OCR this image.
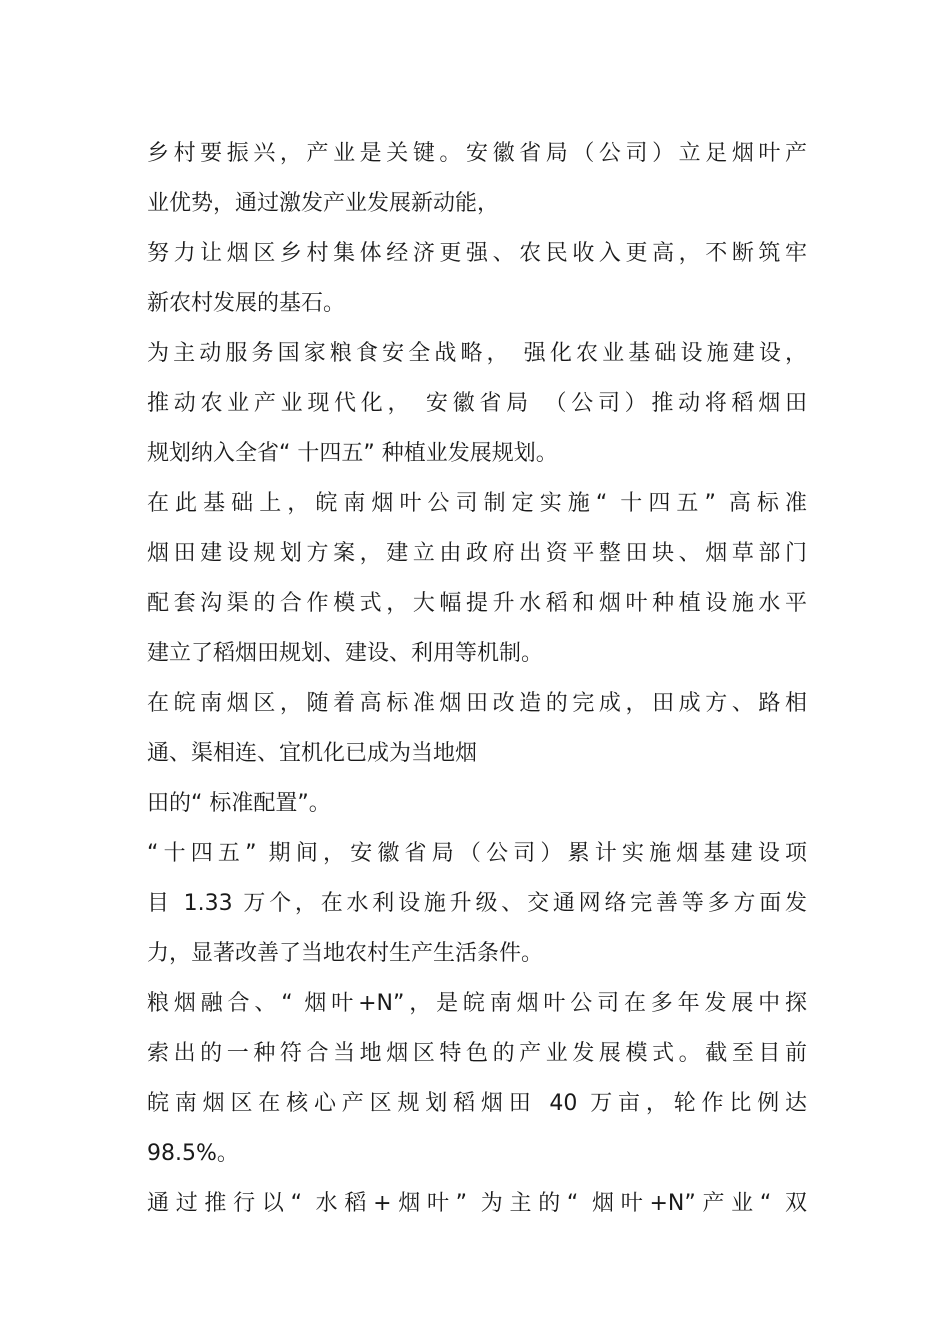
乡村要振兴，产业是关键。安徽省局（公司）立足烟叶产
业优势，通过激发产业发展新动能，
努力让烟区乡村集体经济更强、农民收入更高，不断筑牢
新农村发展的基石。
为主动服务国家粮食安全战略， 强化农业基础设施建设，
推动农业产业现代化， 安徽省局 （公司）推动将稻烟田
规划纳入全省“ 十四五” 种植业发展规划。
在此基础上，皖南烟叶公司制定实施“ 十四五” 高标准
烟田建设规划方案，建立由政府出资平整田块、烟草部门
配套沟渠的合作模式，大幅提升水稻和烟叶种植设施水平
建立了稻烟田规划、建设、利用等机制。
在皖南烟区，随着高标准烟田改造的完成，田成方、路相
通、渠相连、宜机化已成为当地烟
田的“ 标准配置”。
“十四五” 期间，安徽省局（公司）累计实施烟基建设项
目 1.33 万个，在水利设施升级、交通网络完善等多方面发
力，显著改善了当地农村生产生活条件。
粮烟融合、“ 烟叶+N”，是皖南烟叶公司在多年发展中探
索出的一种符合当地烟区特色的产业发展模式。截至目前
皖南烟区在核心产区规划稻烟田 40 万亩，轮作比例达
98.5%。
通过推行以“ 水稻+烟叶” 为主的“ 烟叶+N”产业“ 双
